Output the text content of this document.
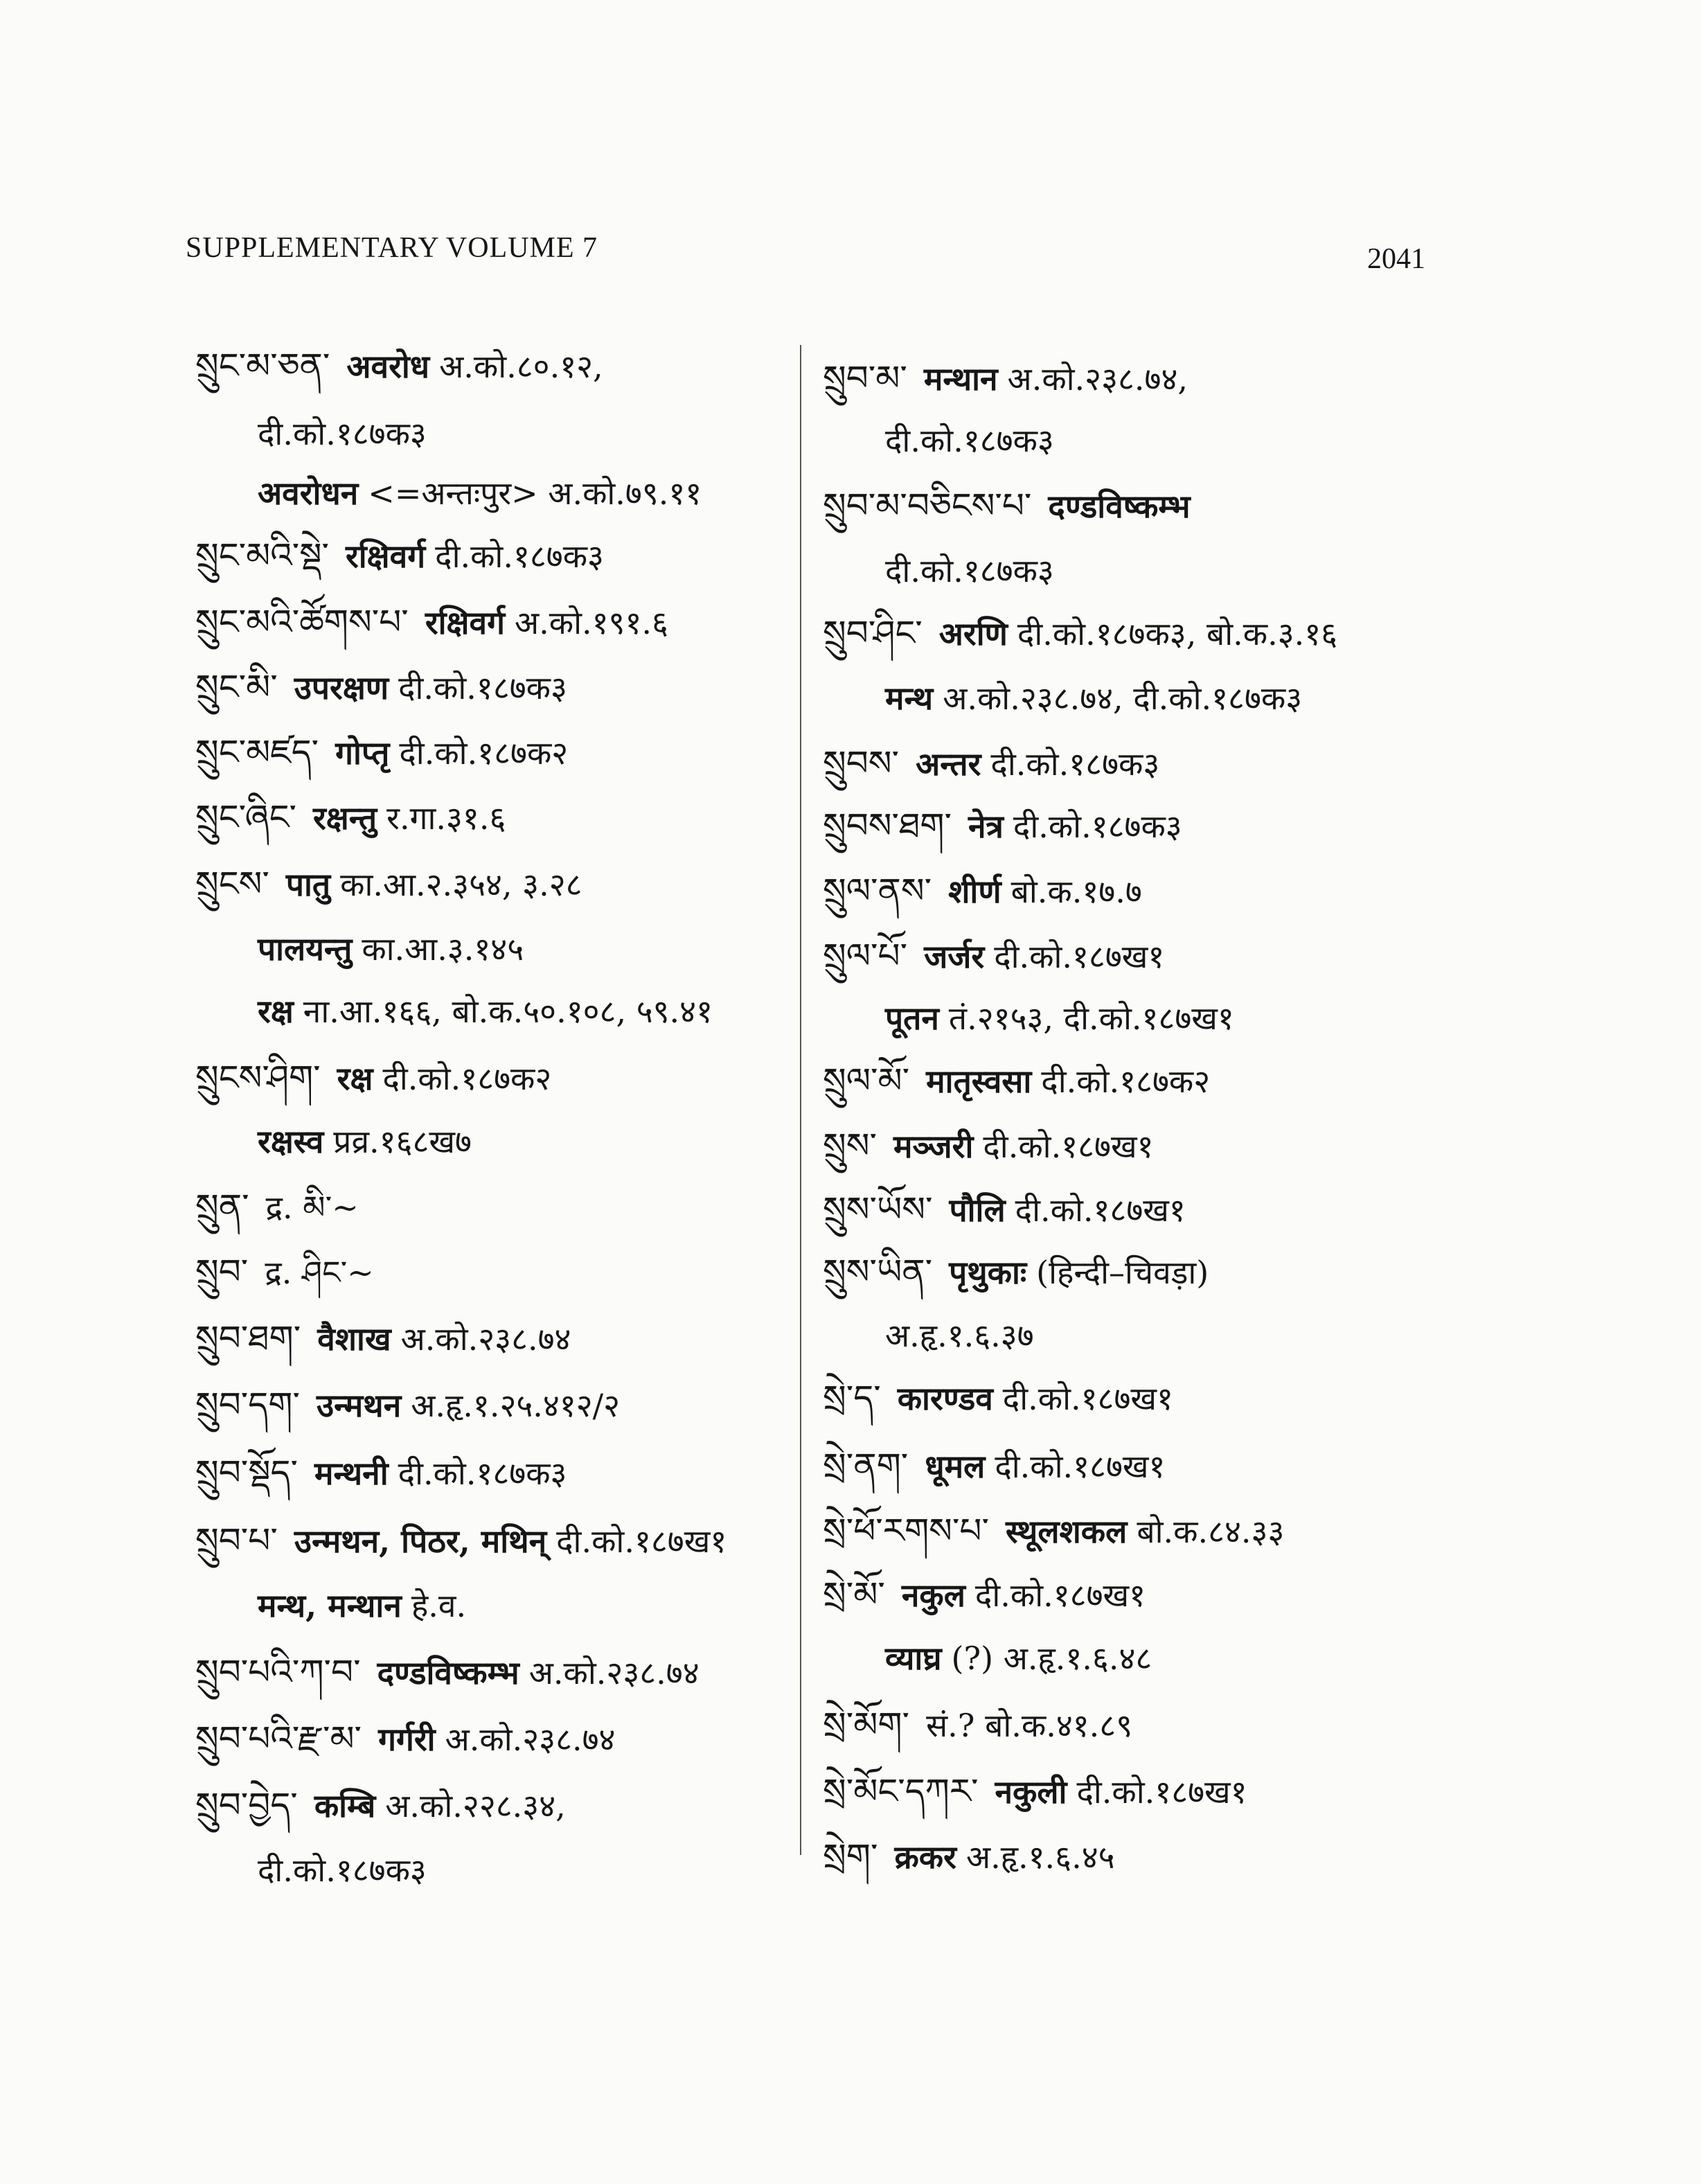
SUPPLEMENTARY VOLUME 7	2041
སྲུང་མ་ཅན་ अवरोध अ.को.८०.१२,
दी.को.१८७क३
अवरोधन <=अन्तःपुर> अ.को.७९.११
སྲུང་མའི་སྡེ་ रक्षिवर्ग दी.को.१८७क३
སྲུང་མའི་ཚོགས་པ་ रक्षिवर्ग अ.को.१९१.६
སྲུང་མི་ उपरक्षण दी.को.१८७क३
སྲུང་མཛད་ गोप्तृ दी.को.१८७क२
སྲུང་ཞིང་ रक्षन्तु र.गा.३१.६
སྲུངས་ पातु का.आ.२.३५४, ३.२८
पालयन्तु का.आ.३.१४५
रक्ष ना.आ.१६६, बो.क.५०.१०८, ५९.४१
སྲུངས་ཤིག་ रक्ष दी.को.१८७क२
रक्षस्व प्रव्र.१६८ख७
སྲུན་ द्र. མི་~
སྲུབ་ द्र. ཤིང་~
སྲུབ་ཐག་ वैशाख अ.को.२३८.७४
སྲུབ་དག་ उन्मथन अ.हृ.१.२५.४१२/२
སྲུབ་སྡོད་ मन्थनी दी.को.१८७क३
སྲུབ་པ་ उन्मथन, पिठर, मथिन् दी.को.१८७ख१
मन्थ, मन्थान हे.व.
སྲུབ་པའི་ཀ་བ་ दण्डविष्कम्भ अ.को.२३८.७४
སྲུབ་པའི་རྫ་མ་ गर्गरी अ.को.२३८.७४
སྲུབ་བྱེད་ कम्बि अ.को.२२८.३४,
दी.को.१८७क३
སྲུབ་མ་ मन्थान अ.को.२३८.७४,
दी.को.१८७क३
སྲུབ་མ་བཅིངས་པ་ दण्डविष्कम्भ
दी.को.१८७क३
སྲུབ་ཤིང་ अरणि दी.को.१८७क३, बो.क.३.१६
मन्थ अ.को.२३८.७४, दी.को.१८७क३
སྲུབས་ अन्तर दी.को.१८७क३
སྲུབས་ཐག་ नेत्र दी.को.१८७क३
སྲུལ་ནས་ शीर्ण बो.क.१७.७
སྲུལ་པོ་ जर्जर दी.को.१८७ख१
पूतन तं.२१५३, दी.को.१८७ख१
སྲུལ་མོ་ मातृस्वसा दी.को.१८७क२
སྲུས་ मञ्जरी दी.को.१८७ख१
སྲུས་ཡོས་ पौलि दी.को.१८७ख१
སྲུས་ཡིན་ पृथुकाः (हिन्दी–चिवड़ा)
अ.हृ.१.६.३७
སྲེ་ད་ कारण्डव दी.को.१८७ख१
སྲེ་ནག་ धूमल दी.को.१८७ख१
སྲེ་ཕོ་རགས་པ་ स्थूलशकल बो.क.८४.३३
སྲེ་མོ་ नकुल दी.को.१८७ख१
व्याघ्र (?) अ.हृ.१.६.४८
སྲེ་མོག་ सं.? बो.क.४१.८९
སྲེ་མོང་དཀར་ नकुली दी.को.१८७ख१
སྲེག་ क्रकर अ.हृ.१.६.४५
